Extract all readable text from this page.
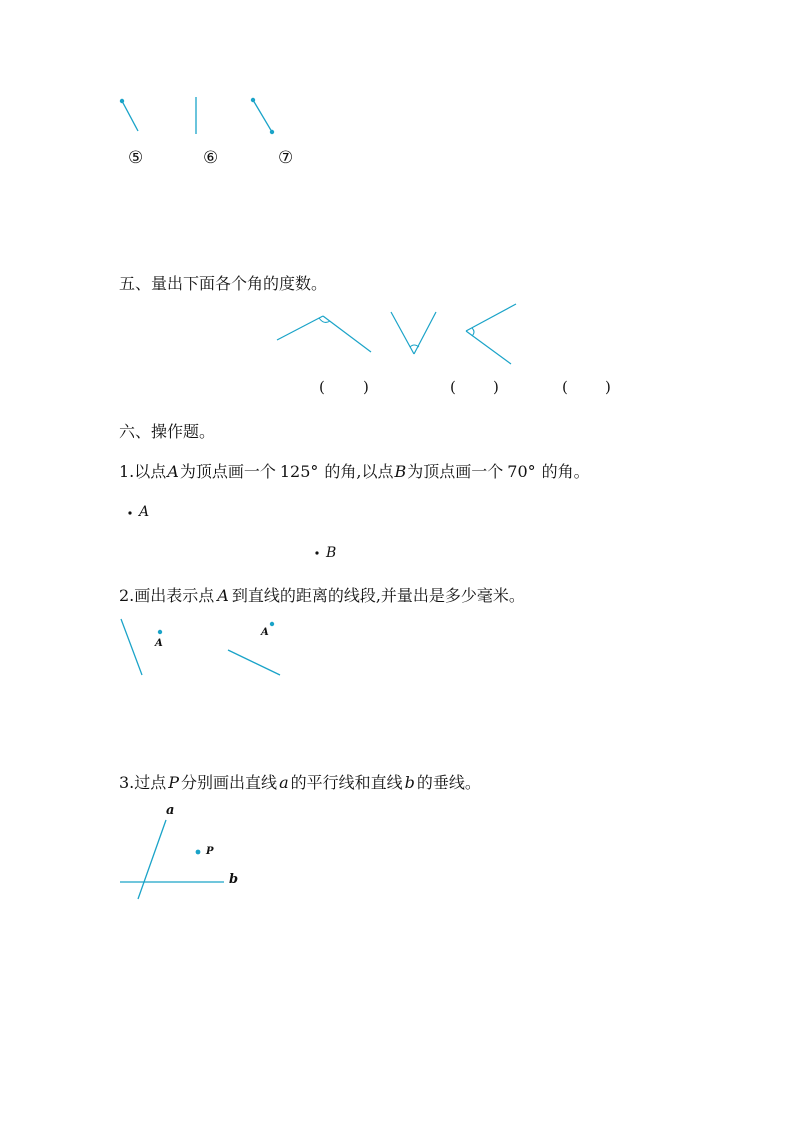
⑤	⑥	⑦
五、量出下面各个角的度数。
(	)	( )	( )
六、操作题。
1.以点A为顶点画一个 125° 的角,以点B为顶点画一个 70° 的角。
A
B
2.画出表示点 A 到直线的距离的线段,并量出是多少毫米。
A
A
3.过点 P 分别画出直线 a 的平行线和直线 b 的垂线。
a
b
P
